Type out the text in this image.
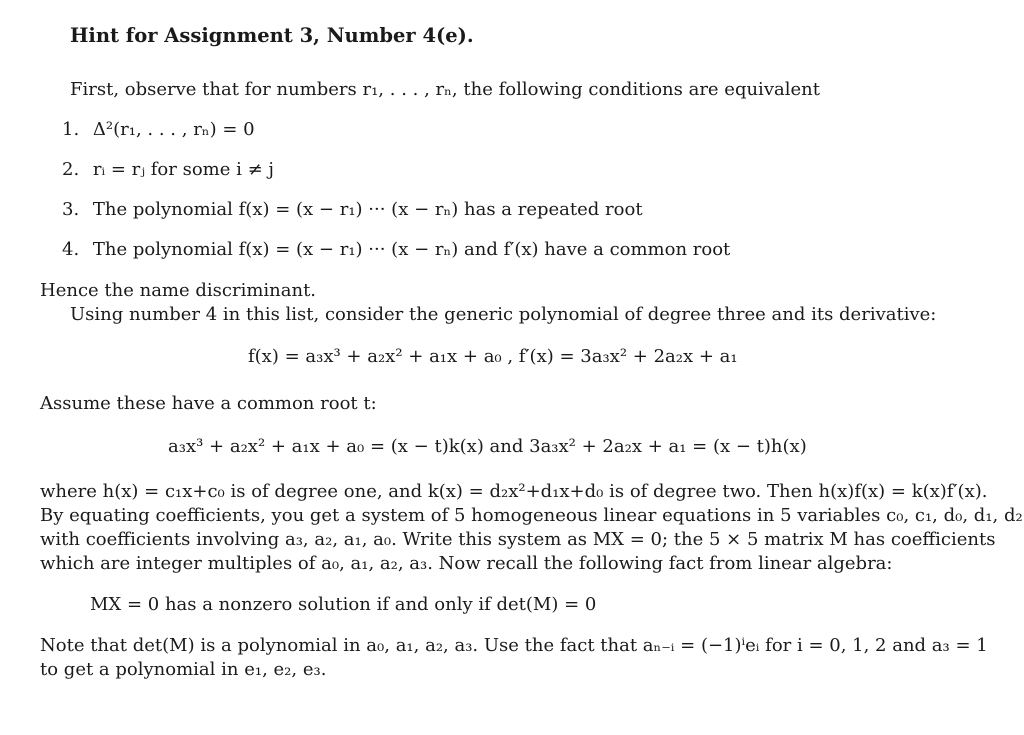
Hint for Assignment 3, Number 4(e).
First, observe that for numbers r₁, . . . , rₙ, the following conditions are equivalent
1. Δ²(r₁, . . . , rₙ) = 0
2. rᵢ = rⱼ for some i ≠ j
3. The polynomial f(x) = (x − r₁) ··· (x − rₙ) has a repeated root
4. The polynomial f(x) = (x − r₁) ··· (x − rₙ) and f′(x) have a common root
Hence the name discriminant.
Using number 4 in this list, consider the generic polynomial of degree three and its derivative:
f(x) = a₃x³ + a₂x² + a₁x + a₀ , f′(x) = 3a₃x² + 2a₂x + a₁
Assume these have a common root t:
a₃x³ + a₂x² + a₁x + a₀ = (x − t)k(x) and 3a₃x² + 2a₂x + a₁ = (x − t)h(x)
where h(x) = c₁x+c₀ is of degree one, and k(x) = d₂x²+d₁x+d₀ is of degree two. Then h(x)f(x) = k(x)f′(x).
By equating coefficients, you get a system of 5 homogeneous linear equations in 5 variables c₀, c₁, d₀, d₁, d₂
with coefficients involving a₃, a₂, a₁, a₀. Write this system as MX = 0; the 5 × 5 matrix M has coefficients
which are integer multiples of a₀, a₁, a₂, a₃. Now recall the following fact from linear algebra:
MX = 0 has a nonzero solution if and only if det(M) = 0
Note that det(M) is a polynomial in a₀, a₁, a₂, a₃. Use the fact that aₙ₋ᵢ = (−1)ⁱeᵢ for i = 0, 1, 2 and a₃ = 1
to get a polynomial in e₁, e₂, e₃.
